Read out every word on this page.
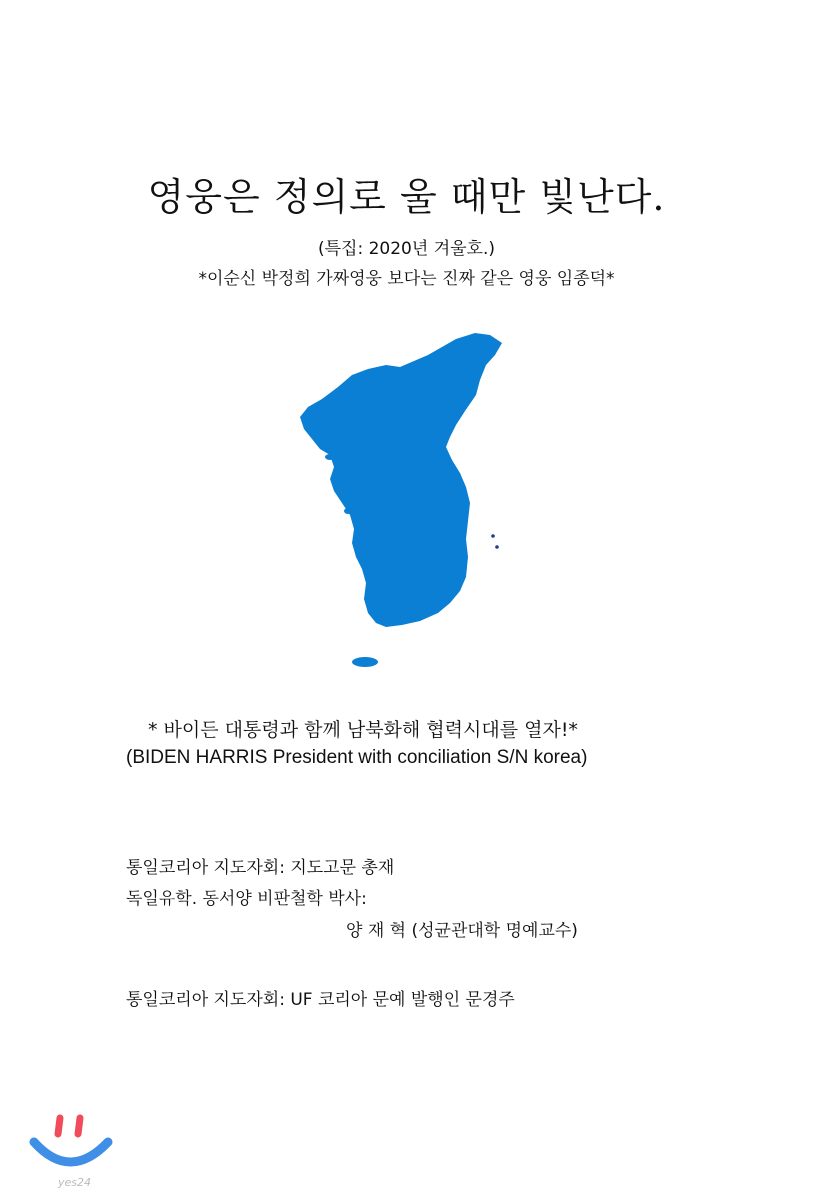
영웅은 정의로 울 때만 빛난다.
(특집: 2020년 겨울호.)
*이순신 박정희 가짜영웅 보다는 진짜 같은 영웅 임종덕*
* 바이든 대통령과 함께 남북화해 협력시대를 열자!*
(BIDEN HARRIS President with conciliation S/N korea)
통일코리아 지도자회: 지도고문 총재
독일유학. 동서양 비판철학 박사:
양 재 혁 (성균관대학 명예교수)
통일코리아 지도자회: UF 코리아 문예 발행인 문경주
yes24
